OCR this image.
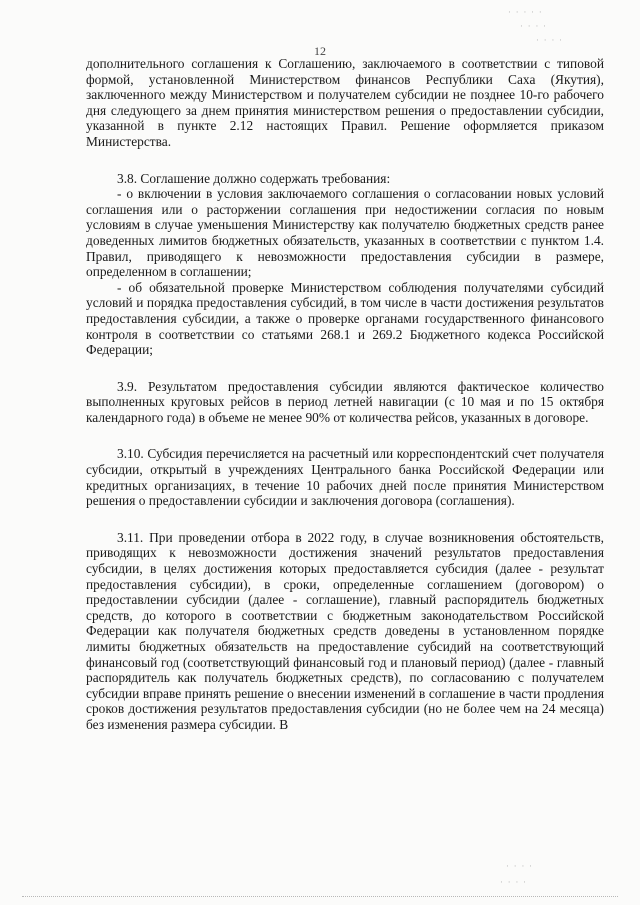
· · · · ·
· · · ·
· · · ·
· · · ·
· · · ·
12

дополнительного соглашения к Соглашению, заключаемого в соответствии с типовой формой, установленной Министерством финансов Республики Саха (Якутия), заключенного между Министерством и получателем субсидии не позднее 10-го рабочего дня следующего за днем принятия министерством решения о предоставлении субсидии, указанной в пункте 2.12 настоящих Правил. Решение оформляется приказом Министерства.

3.8. Соглашение должно содержать требования:

- о включении в условия заключаемого соглашения о согласовании новых условий соглашения или о расторжении соглашения при недостижении согласия по новым условиям в случае уменьшения Министерству как получателю бюджетных средств ранее доведенных лимитов бюджетных обязательств, указанных в соответствии с пунктом 1.4. Правил, приводящего к невозможности предоставления субсидии в размере, определенном в соглашении;

- об обязательной проверке Министерством соблюдения получателями субсидий условий и порядка предоставления субсидий, в том числе в части достижения результатов предоставления субсидии, а также о проверке органами государственного финансового контроля в соответствии со статьями 268.1 и 269.2 Бюджетного кодекса Российской Федерации;

3.9. Результатом предоставления субсидии являются фактическое количество выполненных круговых рейсов в период летней навигации (с 10 мая и по 15 октября календарного года) в объеме не менее 90% от количества рейсов, указанных в договоре.

3.10. Субсидия перечисляется на расчетный или корреспондентский счет получателя субсидии, открытый в учреждениях Центрального банка Российской Федерации или кредитных организациях, в течение 10 рабочих дней после принятия Министерством решения о предоставлении субсидии и заключения договора (соглашения).

3.11. При проведении отбора в 2022 году, в случае возникновения обстоятельств, приводящих к невозможности достижения значений результатов предоставления субсидии, в целях достижения которых предоставляется субсидия (далее - результат предоставления субсидии), в сроки, определенные соглашением (договором) о предоставлении субсидии (далее - соглашение), главный распорядитель бюджетных средств, до которого в соответствии с бюджетным законодательством Российской Федерации как получателя бюджетных средств доведены в установленном порядке лимиты бюджетных обязательств на предоставление субсидий на соответствующий финансовый год (соответствующий финансовый год и плановый период) (далее - главный распорядитель как получатель бюджетных средств), по согласованию с получателем субсидии вправе принять решение о внесении изменений в соглашение в части продления сроков достижения результатов предоставления субсидии (но не более чем на 24 месяца) без изменения размера субсидии. В
